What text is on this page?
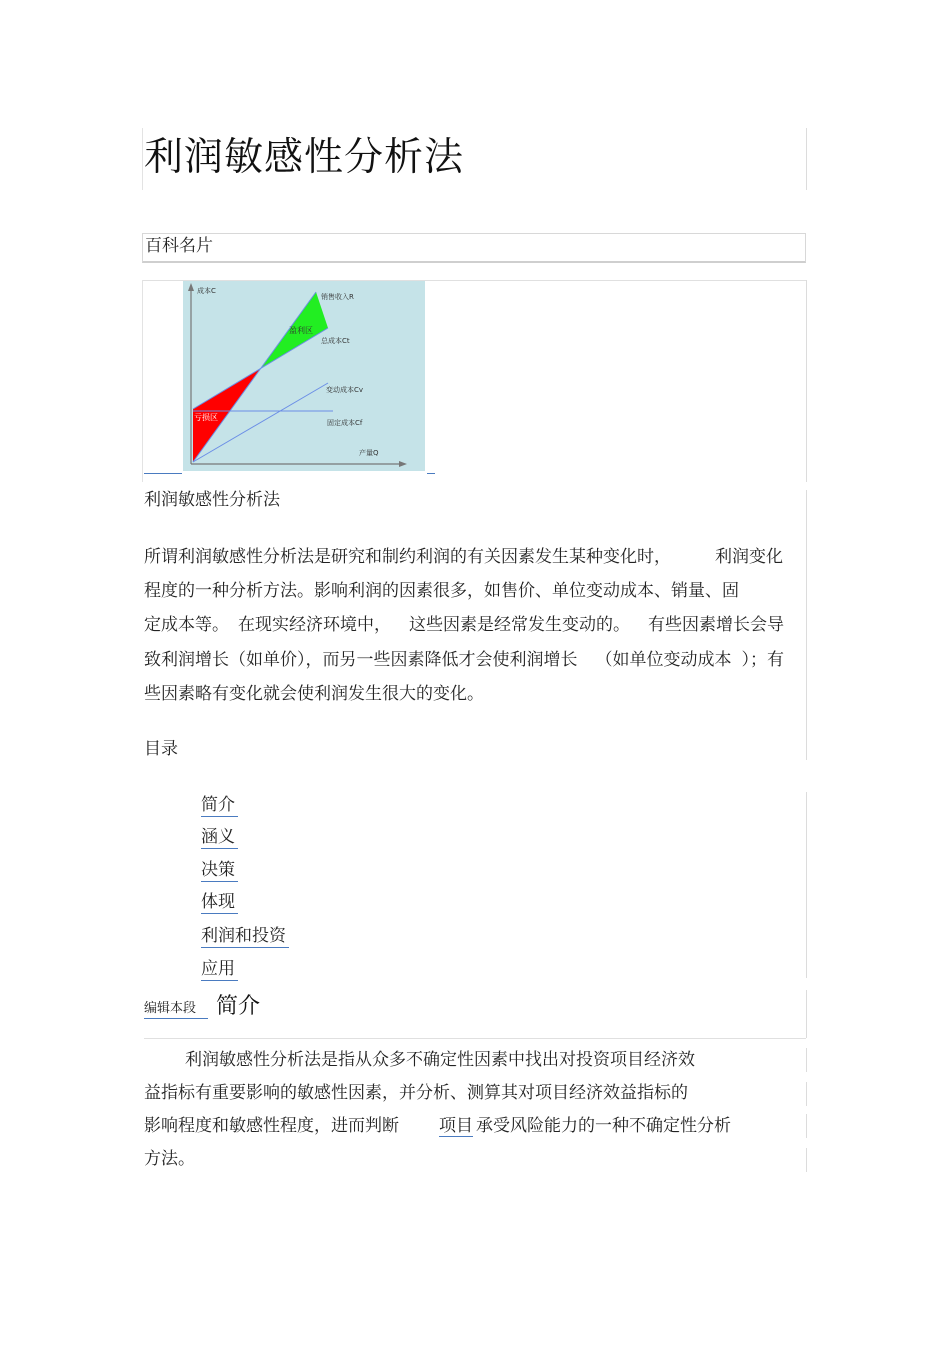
利润敏感性分析法
百科名片
成本C
销售收入R
盈利区
总成本Ct
变动成本Cv
亏损区
固定成本Cf
产量Q
利润敏感性分析法
所谓利润敏感性分析法是研究和制约利润的有关因素发生某种变化时，	利润变化
程度的一种分析方法。影响利润的因素很多，如售价、单位变动成本、销量、固
定成本等。 在现实经济环境中， 这些因素是经常发生变动的。 有些因素增长会导
致利润增长（如单价），而另一些因素降低才会使利润增长 （如单位变动成本 ）；有
些因素略有变化就会使利润发生很大的变化。
目录
简介
涵义
决策
体现
利润和投资
应用
编辑本段 简介
利润敏感性分析法是指从众多不确定性因素中找出对投资项目经济效
益指标有重要影响的敏感性因素，并分析、测算其对项目经济效益指标的
影响程度和敏感性程度，进而判断 项目 承受风险能力的一种不确定性分析
方法。
